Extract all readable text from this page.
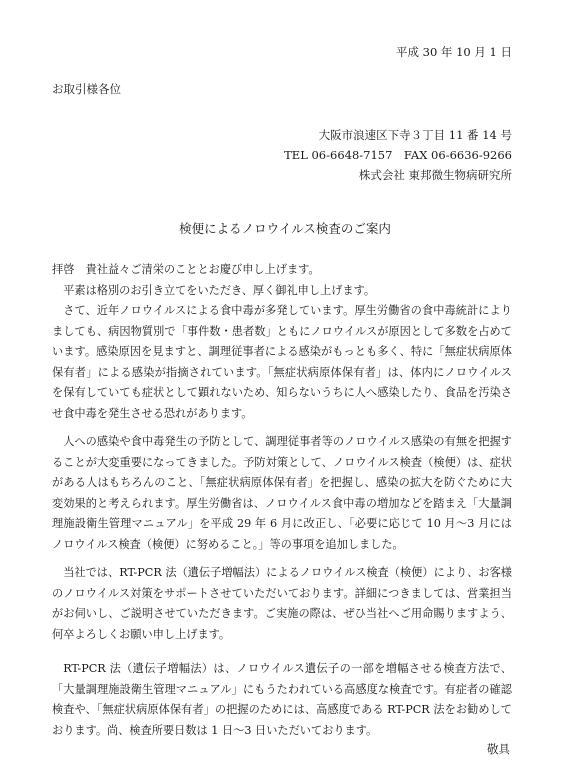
平成 30 年 10 月 1 日
お取引様各位
大阪市浪速区下寺３丁目 11 番 14 号
TEL 06-6648-7157　FAX 06-6636-9266
株式会社 東邦微生物病研究所
検便によるノロウイルス検査のご案内

拝啓　貴社益々ご清栄のこととお慶び申し上げます。

平素は格別のお引き立てをいただき、厚く御礼申し上げます。

さて、近年ノロウイルスによる食中毒が多発しています。厚生労働省の食中毒統計によりましても、病因物質別で「事件数・患者数」ともにノロウイルスが原因として多数を占めています。感染原因を見ますと、調理従事者による感染がもっとも多く、特に「無症状病原体保有者」による感染が指摘されています。「無症状病原体保有者」は、体内にノロウイルスを保有していても症状として顕れないため、知らないうちに人へ感染したり、食品を汚染させ食中毒を発生させる恐れがあります。

人への感染や食中毒発生の予防として、調理従事者等のノロウイルス感染の有無を把握することが大変重要になってきました。予防対策として、ノロウイルス検査（検便）は、症状がある人はもちろんのこと、「無症状病原体保有者」を把握し、感染の拡大を防ぐために大変効果的と考えられます。厚生労働省は、ノロウイルス食中毒の増加などを踏まえ「大量調理施設衛生管理マニュアル」を平成 29 年 6 月に改正し、「必要に応じて 10 月～3 月にはノロウイルス検査（検便）に努めること。」等の事項を追加しました。

当社では、RT-PCR 法（遺伝子増幅法）によるノロウイルス検査（検便）により、お客様のノロウイルス対策をサポートさせていただいております。詳細につきましては、営業担当がお伺いし、ご説明させていただきます。ご実施の際は、ぜひ当社へご用命賜りますよう、何卒よろしくお願い申し上げます。

RT-PCR 法（遺伝子増幅法）は、ノロウイルス遺伝子の一部を増幅させる検査方法で、「大量調理施設衛生管理マニュアル」にもうたわれている高感度な検査です。有症者の確認検査や、「無症状病原体保有者」の把握のためには、高感度である RT-PCR 法をお勧めしております。尚、検査所要日数は 1 日～3 日いただいております。

敬具
